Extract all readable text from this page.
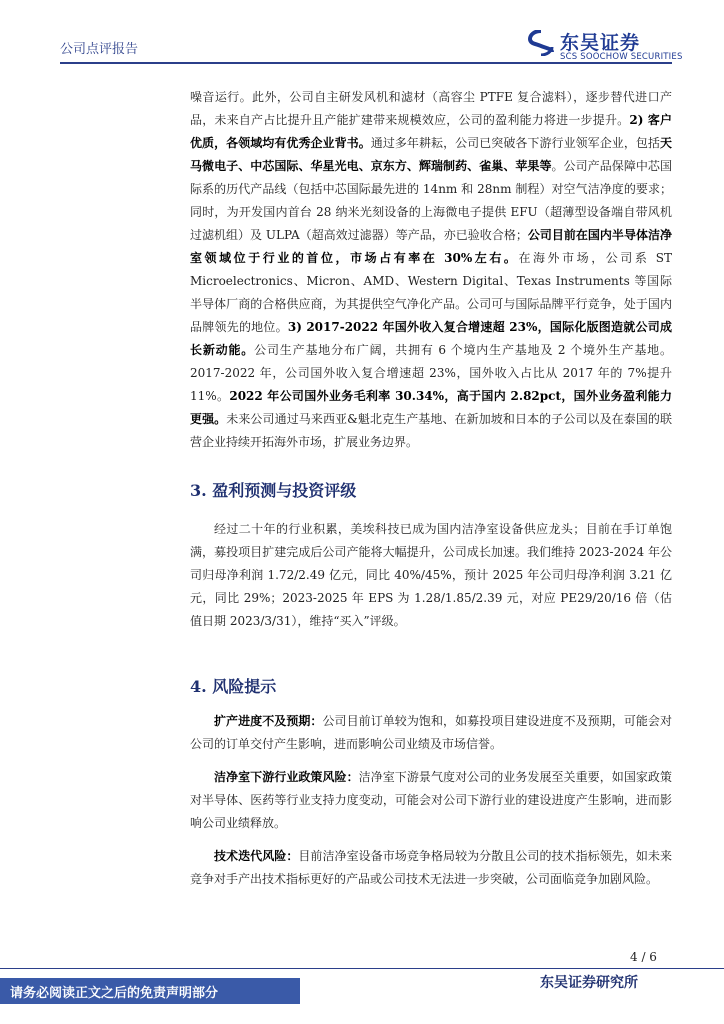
公司点评报告	东吴证券
SCS SOOCHOW SECURITIES

噪音运行。此外，公司自主研发风机和滤材（高容尘 PTFE 复合滤料），逐步替代进口产品，未来自产占比提升且产能扩建带来规模效应，公司的盈利能力将进一步提升。2) 客户优质，各领域均有优秀企业背书。通过多年耕耘，公司已突破各下游行业领军企业，包括天马微电子、中芯国际、华星光电、京东方、辉瑞制药、雀巢、苹果等。公司产品保障中芯国际系的历代产品线（包括中芯国际最先进的 14nm 和 28nm 制程）对空气洁净度的要求；同时，为开发国内首台 28 纳米光刻设备的上海微电子提供 EFU（超薄型设备端自带风机过滤机组）及 ULPA（超高效过滤器）等产品，亦已验收合格；公司目前在国内半导体洁净室领域位于行业的首位，市场占有率在 30%左右。在海外市场，公司系 ST Microelectronics、Micron、AMD、Western Digital、Texas Instruments 等国际半导体厂商的合格供应商，为其提供空气净化产品。公司可与国际品牌平行竞争，处于国内品牌领先的地位。3) 2017-2022 年国外收入复合增速超 23%，国际化版图造就公司成长新动能。公司生产基地分布广阔，共拥有 6 个境内生产基地及 2 个境外生产基地。2017-2022 年，公司国外收入复合增速超 23%，国外收入占比从 2017 年的 7%提升 11%。2022 年公司国外业务毛利率 30.34%，高于国内 2.82pct，国外业务盈利能力更强。未来公司通过马来西亚&魁北克生产基地、在新加坡和日本的子公司以及在泰国的联营企业持续开拓海外市场，扩展业务边界。

3. 盈利预测与投资评级

经过二十年的行业积累，美埃科技已成为国内洁净室设备供应龙头；目前在手订单饱满，募投项目扩建完成后公司产能将大幅提升，公司成长加速。我们维持 2023-2024 年公司归母净利润 1.72/2.49 亿元，同比 40%/45%，预计 2025 年公司归母净利润 3.21 亿元，同比 29%；2023-2025 年 EPS 为 1.28/1.85/2.39 元，对应 PE29/20/16 倍（估值日期 2023/3/31），维持“买入”评级。

4. 风险提示

扩产进度不及预期：公司目前订单较为饱和，如募投项目建设进度不及预期，可能会对公司的订单交付产生影响，进而影响公司业绩及市场信誉。

洁净室下游行业政策风险：洁净室下游景气度对公司的业务发展至关重要，如国家政策对半导体、医药等行业支持力度变动，可能会对公司下游行业的建设进度产生影响，进而影响公司业绩释放。

技术迭代风险：目前洁净室设备市场竞争格局较为分散且公司的技术指标领先，如未来竞争对手产出技术指标更好的产品或公司技术无法进一步突破，公司面临竞争加剧风险。

4 / 6
请务必阅读正文之后的免责声明部分
东吴证券研究所
